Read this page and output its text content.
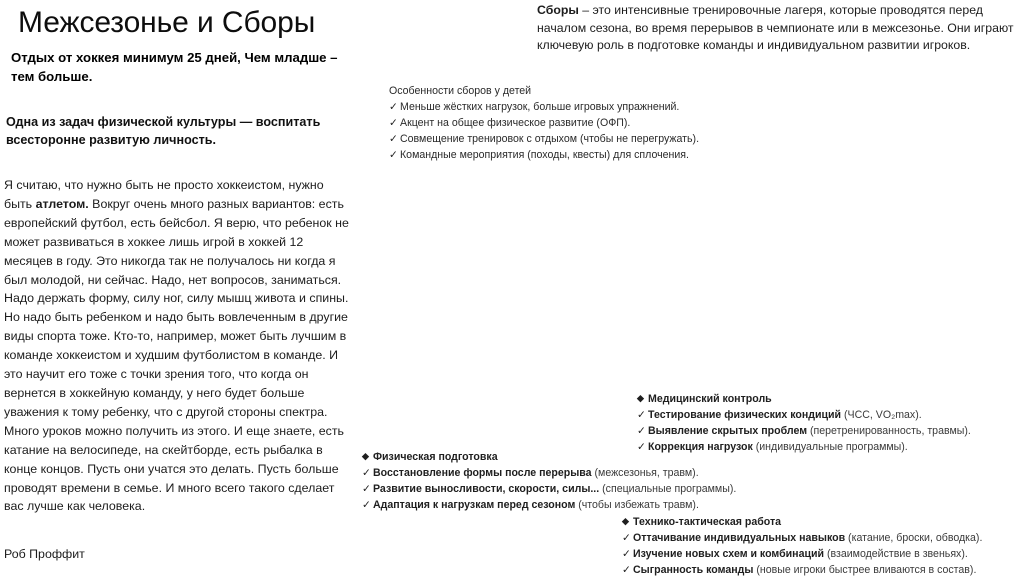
Межсезонье и Сборы
Отдых от хоккея минимум 25 дней, Чем младше – тем больше.
Одна из задач физической культуры — воспитать всесторонне развитую личность.
Я считаю, что нужно быть не просто хоккеистом, нужно быть атлетом. Вокруг очень много разных вариантов: есть европейский футбол, есть бейсбол. Я верю, что ребенок не может развиваться в хоккее лишь игрой в хоккей 12 месяцев в году. Это никогда так не получалось ни когда я был молодой, ни сейчас. Надо, нет вопросов, заниматься. Надо держать форму, силу ног, силу мышц живота и спины. Но надо быть ребенком и надо быть вовлеченным в другие виды спорта тоже. Кто-то, например, может быть лучшим в команде хоккеистом и худшим футболистом в команде. И это научит его тоже с точки зрения того, что когда он вернется в хоккейную команду, у него будет больше уважения к тому ребенку, что с другой стороны спектра. Много уроков можно получить из этого. И еще знаете, есть катание на велосипеде, на скейтборде, есть рыбалка в конце концов. Пусть они учатся это делать. Пусть больше проводят времени в семье. И много всего такого сделает вас лучше как человека.
Роб Проффит
Сборы – это интенсивные тренировочные лагеря, которые проводятся перед началом сезона, во время перерывов в чемпионате или в межсезонье. Они играют ключевую роль в подготовке команды и индивидуальном развитии игроков.
Особенности сборов у детей
✓ Меньше жёстких нагрузок, больше игровых упражнений.
✓ Акцент на общее физическое развитие (ОФП).
✓ Совмещение тренировок с отдыхом (чтобы не перегружать).
✓ Командные мероприятия (походы, квесты) для сплочения.
◆ Медицинский контроль
✓ Тестирование физических кондиций (ЧСС, VO₂max).
✓ Выявление скрытых проблем (перетренированность, травмы).
✓ Коррекция нагрузок (индивидуальные программы).
◆ Физическая подготовка
✓ Восстановление формы после перерыва (межсезонья, травм).
✓ Развитие выносливости, скорости, силы... (специальные программы).
✓ Адаптация к нагрузкам перед сезоном (чтобы избежать травм).
◆ Технико-тактическая работа
✓ Оттачивание индивидуальных навыков (катание, броски, обводка).
✓ Изучение новых схем и комбинаций (взаимодействие в звеньях).
✓ Сыгранность команды (новые игроки быстрее вливаются в состав).
